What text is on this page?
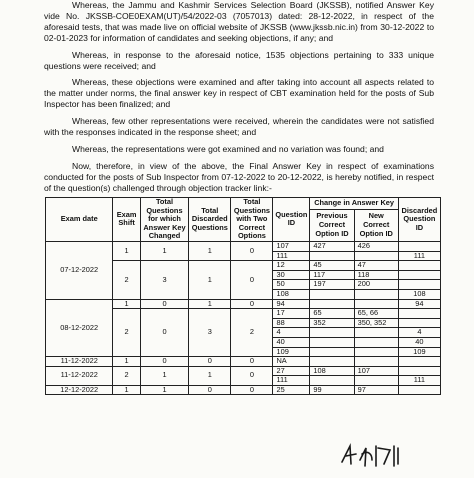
Whereas, the Jammu and Kashmir Services Selection Board (JKSSB), notified Answer Key vide No. JKSSB-COE0EXAM(UT)/54/2022-03 (7057013) dated: 28-12-2022, in respect of the aforesaid tests, that was made live on official website of JKSSB (www.jkssb.nic.in) from 30-12-2022 to 02-01-2023 for information of candidates and seeking objections, if any; and

Whereas, in response to the aforesaid notice, 1535 objections pertaining to 333 unique questions were received; and

Whereas, these objections were examined and after taking into account all aspects related to the matter under norms, the final answer key in respect of CBT examination held for the posts of Sub Inspector has been finalized; and

Whereas, few other representations were received, wherein the candidates were not satisfied with the responses indicated in the response sheet; and

Whereas, the representations were got examined and no variation was found; and

Now, therefore, in view of the above, the Final Answer Key in respect of examinations conducted for the posts of Sub Inspector from 07-12-2022 to 20-12-2022, is hereby notified, in respect of the question(s) challenged through objection tracker link:-

Exam date	Exam Shift	Total Questions for which Answer Key Changed	Total Discarded Questions	Total Questions with Two Correct Options	Question ID	Change in Answer Key		Discarded Question ID
						Previous Correct Option ID	New Correct Option ID	
07-12-2022	1	1	1	0	107	427	426	
					111			111
	2	3	1	0	12	45	47	
					30	117	118	
					50	197	200	
					108			108
08-12-2022	1	0	1	0	94			94
	2	0	3	2	17	65	65, 66	
					88	352	350, 352	
					4			4
					40			40
					109			109
11-12-2022	1	0	0	0	NA			
11-12-2022	2	1	1	0	27	108	107	
					111			111
12-12-2022	1	1	0	0	25	99	97	
